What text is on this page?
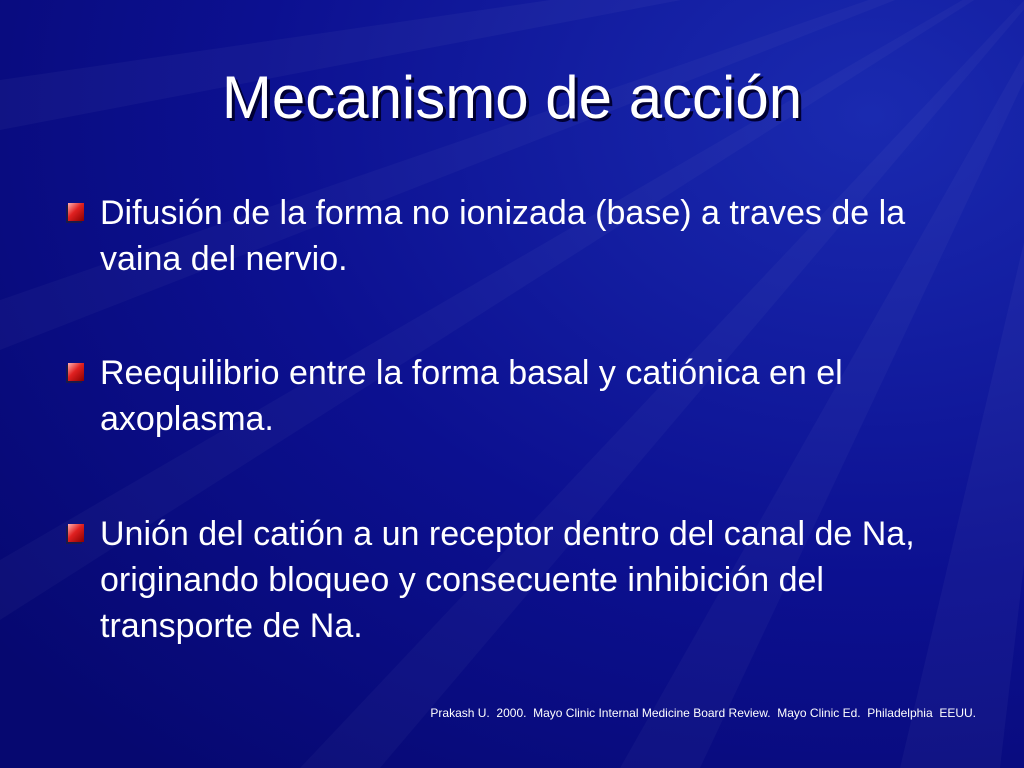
Mecanismo de acción

Difusión de la forma no ionizada (base) a traves de la vaina del nervio.

Reequilibrio entre la forma basal y catiónica en el axoplasma.

Unión del catión a un receptor dentro del canal de Na, originando bloqueo y consecuente inhibición del transporte de Na.

Prakash U.  2000.  Mayo Clinic Internal Medicine Board Review.  Mayo Clinic Ed.  Philadelphia  EEUU.
